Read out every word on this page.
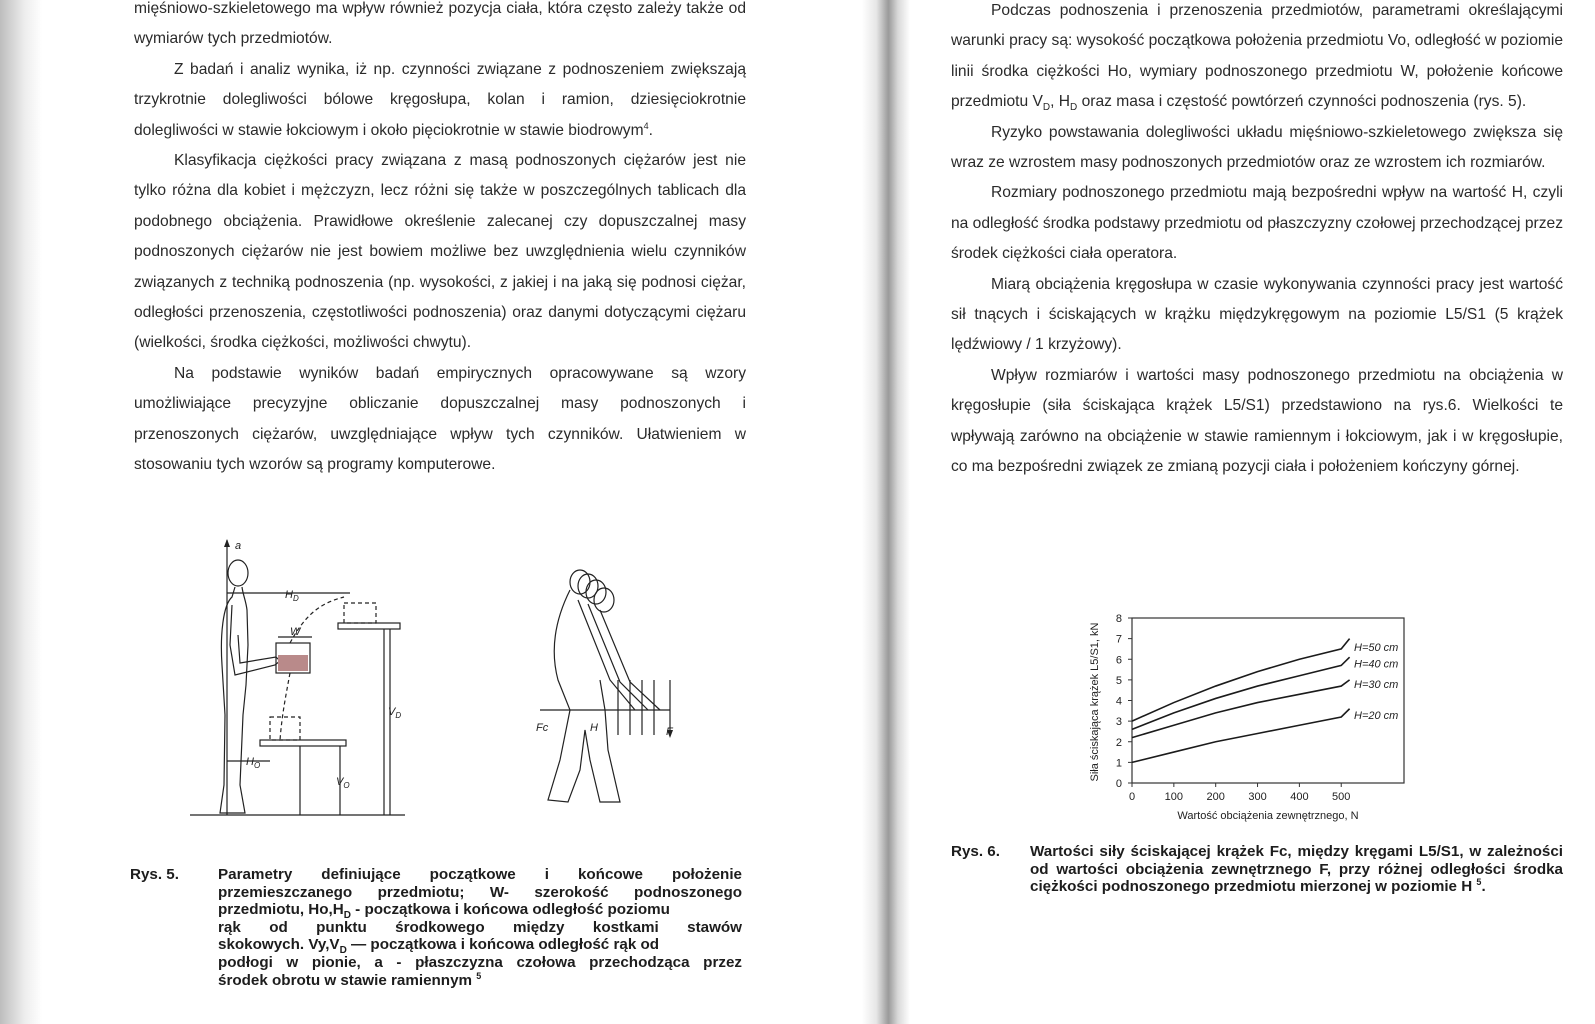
mięśniowo-szkieletowego ma wpływ również pozycja ciała, która często zależy także od wymiarów tych przedmiotów.

Z badań i analiz wynika, iż np. czynności związane z podnoszeniem zwiększają trzykrotnie dolegliwości bólowe kręgosłupa, kolan i ramion, dziesięciokrotnie dolegliwości w stawie łokciowym i około pięciokrotnie w stawie biodrowym$^4$.

Klasyfikacja ciężkości pracy związana z masą podnoszonych ciężarów jest nie tylko różna dla kobiet i mężczyzn, lecz różni się także w poszczególnych tablicach dla podobnego obciążenia. Prawidłowe określenie zalecanej czy dopuszczalnej masy podnoszonych ciężarów nie jest bowiem możliwe bez uwzględnienia wielu czynników związanych z techniką podnoszenia (np. wysokości, z jakiej i na jaką się podnosi ciężar, odległości przenoszenia, częstotliwości podnoszenia) oraz danymi dotyczącymi ciężaru (wielkości, środka ciężkości, możliwości chwytu).

Na podstawie wyników badań empirycznych opracowywane są wzory umożliwiające precyzyjne obliczanie dopuszczalnej masy podnoszonych i przenoszonych ciężarów, uwzględniające wpływ tych czynników. Ułatwieniem w stosowaniu tych wzorów są programy komputerowe.

a
$H_D$
W
$V_D$
$H_O$
$V_O$
Fc	H	F
Rys. 5.	Parametry definiujące początkowe i końcowe położenie
przemieszczanego przedmiotu; W- szerokość podnoszonego
przedmiotu, $Ho,H_D$ - początkowa i końcowa odległość poziomu
rąk od punktu środkowego między kostkami stawów
skokowych. $Vy,V_D$ — początkowa i końcowa odległość rąk od
podłogi w pionie, a - płaszczyzna czołowa przechodząca przez
środek obrotu w stawie ramiennym $^5$

Podczas podnoszenia i przenoszenia przedmiotów, parametrami określającymi warunki pracy są: wysokość początkowa położenia przedmiotu Vo, odległość w poziomie linii środka ciężkości Ho, wymiary podnoszonego przedmiotu W, położenie końcowe przedmiotu $V_D$, $H_D$ oraz masa i częstość powtórzeń czynności podnoszenia (rys. 5).

Ryzyko powstawania dolegliwości układu mięśniowo-szkieletowego zwiększa się wraz ze wzrostem masy podnoszonych przedmiotów oraz ze wzrostem ich rozmiarów.

Rozmiary podnoszonego przedmiotu mają bezpośredni wpływ na wartość H, czyli na odległość środka podstawy przedmiotu od płaszczyzny czołowej przechodzącej przez środek ciężkości ciała operatora.

Miarą obciążenia kręgosłupa w czasie wykonywania czynności pracy jest wartość sił tnących i ściskających w krążku międzykręgowym na poziomie L5/S1 (5 krążek lędźwiowy / 1 krzyżowy).

Wpływ rozmiarów i wartości masy podnoszonego przedmiotu na obciążenia w kręgosłupie (siła ściskająca krążek L5/S1) przedstawiono na rys.6. Wielkości te wpływają zarówno na obciążenie w stawie ramiennym i łokciowym, jak i w kręgosłupie, co ma bezpośredni związek ze zmianą pozycji ciała i położeniem kończyny górnej.

0
1
2
3
4
5
6
7
8
0	100 200 300 400 500
H=50 cm
H=40 cm
H=30 cm
H=20 cm
Siła ściskająca krążek L5/S1, kN
Wartość obciążenia zewnętrznego, N
Rys. 6.	Wartości siły ściskającej krążek Fc, między kręgami L5/S1, w zależności od wartości obciążenia zewnętrznego F, przy różnej odległości środka ciężkości podnoszonego przedmiotu mierzonej w poziomie H $^5$.
